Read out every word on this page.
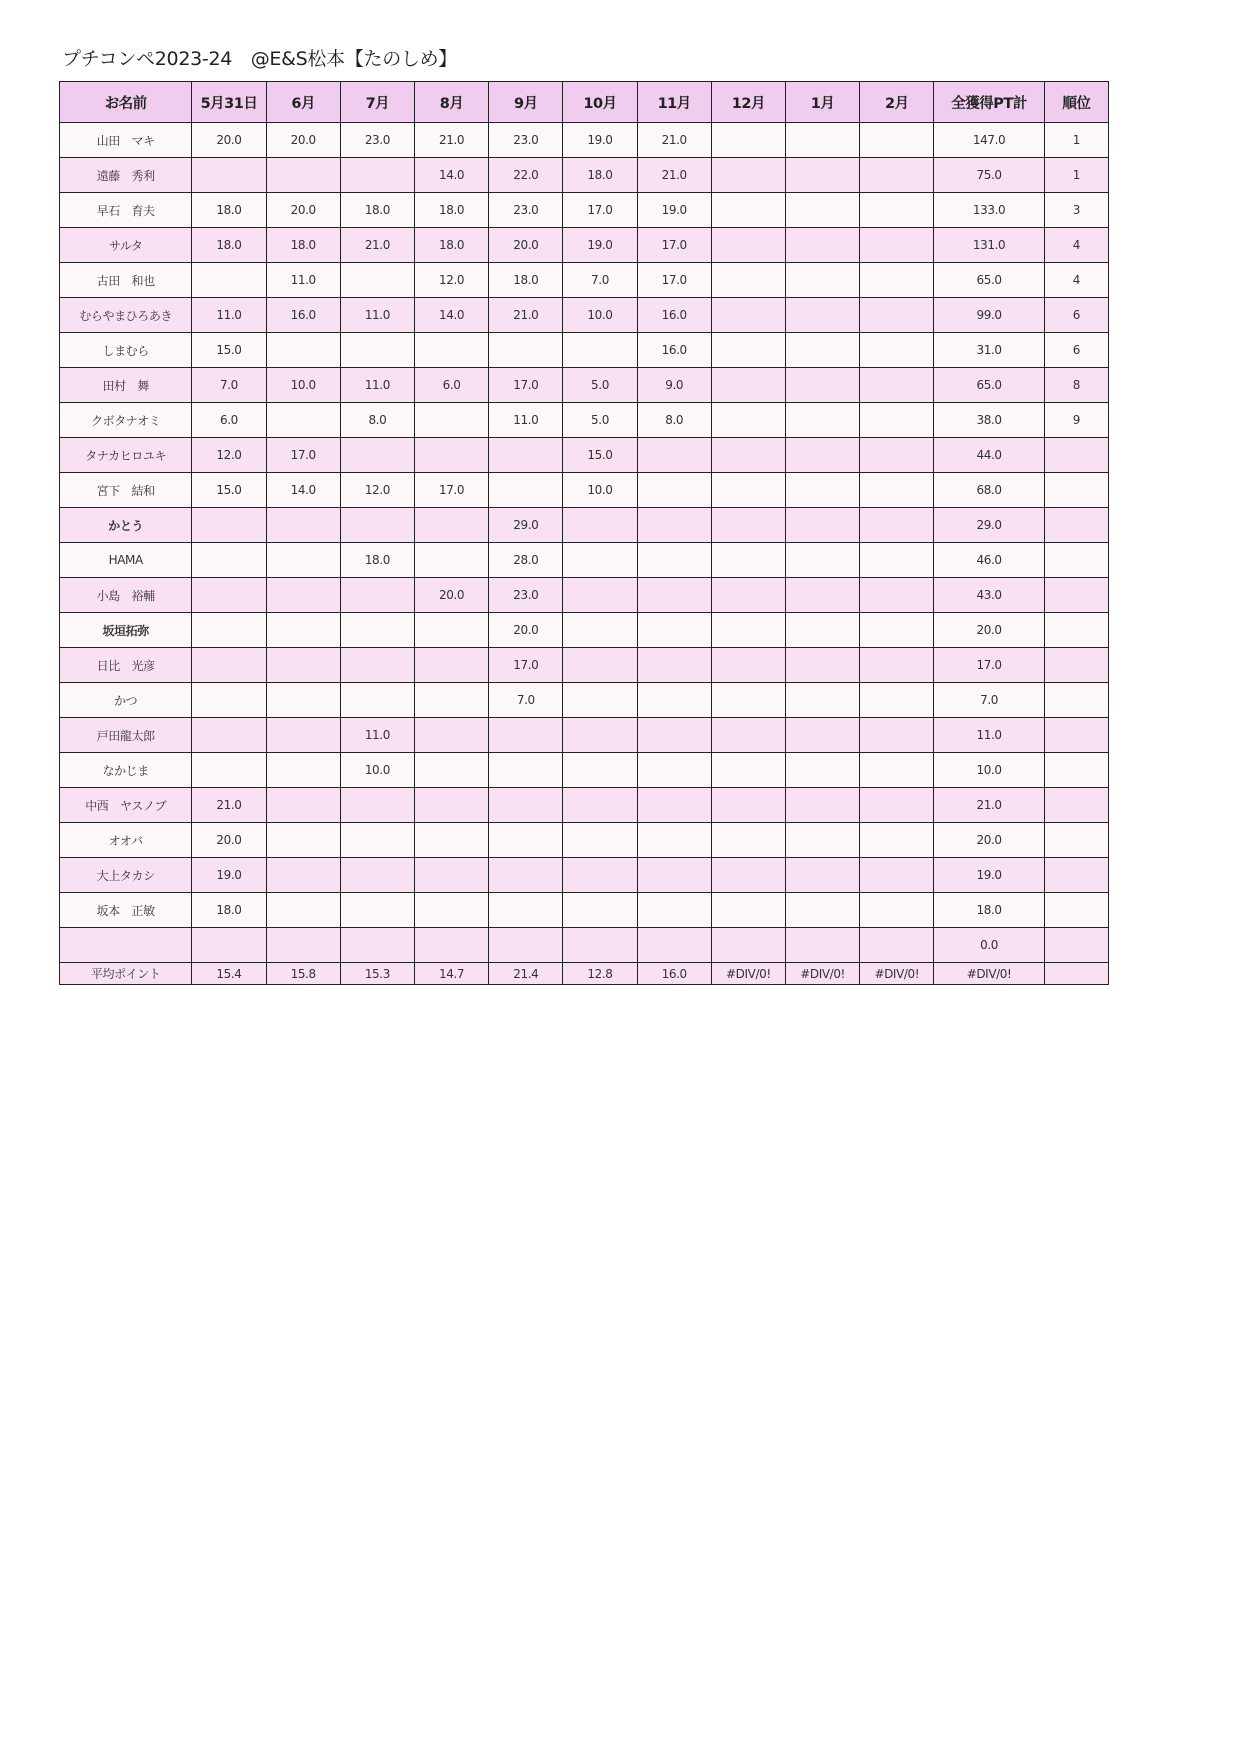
プチコンペ2023-24　@E&S松本【たのしめ】
お名前	5月31日	6月	7月	8月	9月	10月	11月	12月	1月	2月	全獲得PT計	順位
山田　マキ	20.0	20.0	23.0	21.0	23.0	19.0	21.0				147.0	1
遠藤　秀利				14.0	22.0	18.0	21.0				75.0	1
早石　育夫	18.0	20.0	18.0	18.0	23.0	17.0	19.0				133.0	3
サルタ	18.0	18.0	21.0	18.0	20.0	19.0	17.0				131.0	4
古田　和也		11.0		12.0	18.0	7.0	17.0				65.0	4
むらやまひろあき	11.0	16.0	11.0	14.0	21.0	10.0	16.0				99.0	6
しまむら	15.0						16.0				31.0	6
田村　舞	7.0	10.0	11.0	6.0	17.0	5.0	9.0				65.0	8
クボタナオミ	6.0		8.0		11.0	5.0	8.0				38.0	9
タナカヒロユキ	12.0	17.0				15.0					44.0	
宮下　結和	15.0	14.0	12.0	17.0		10.0					68.0	
かとう					29.0						29.0	
HAMA			18.0		28.0						46.0	
小島　裕輔				20.0	23.0						43.0	
坂垣拓弥					20.0						20.0	
日比　光彦					17.0						17.0	
かつ					7.0						7.0	
戸田龍太郎			11.0								11.0	
なかじま			10.0								10.0	
中西　ヤスノブ	21.0										21.0	
オオバ	20.0										20.0	
大上タカシ	19.0										19.0	
坂本　正敏	18.0										18.0	
											0.0	
平均ポイント	15.4	15.8	15.3	14.7	21.4	12.8	16.0	#DIV/0!	#DIV/0!	#DIV/0!	#DIV/0!	
